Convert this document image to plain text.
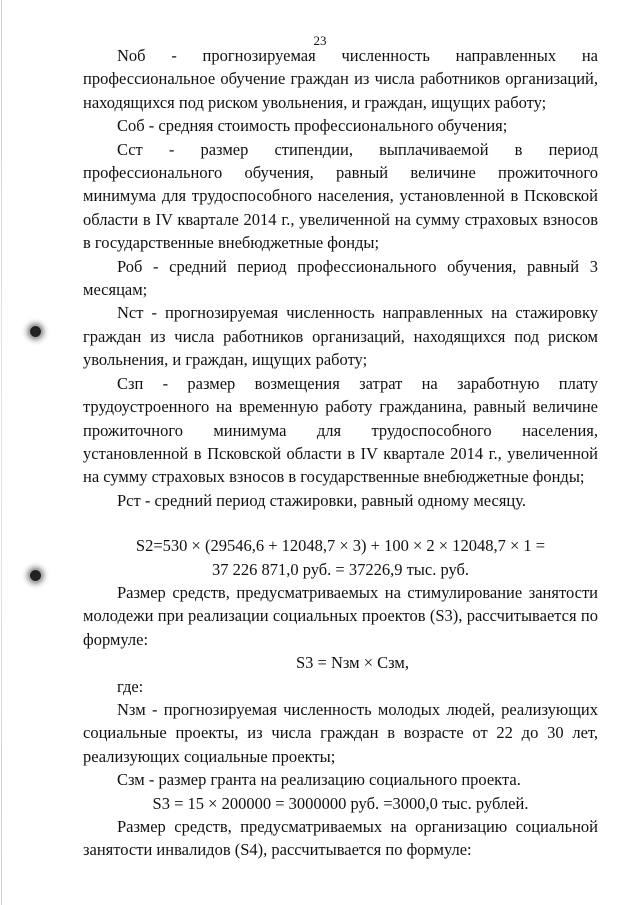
23

Nоб - прогнозируемая численность направленных на профессиональное обучение граждан из числа работников организаций, находящихся под риском увольнения, и граждан, ищущих работу;

Соб - средняя стоимость профессионального обучения;

Сст - размер стипендии, выплачиваемой в период профессионального обучения, равный величине прожиточного минимума для трудоспособного населения, установленной в Псковской области в IV квартале 2014 г., увеличенной на сумму страховых взносов в государственные внебюджетные фонды;

Роб - средний период профессионального обучения, равный 3 месяцам;

Nст - прогнозируемая численность направленных на стажировку граждан из числа работников организаций, находящихся под риском увольнения, и граждан, ищущих работу;

Сзп - размер возмещения затрат на заработную плату трудоустроенного на временную работу гражданина, равный величине прожиточного минимума для трудоспособного населения, установленной в Псковской области в IV квартале 2014 г., увеличенной на сумму страховых взносов в государственные внебюджетные фонды;

Рст - средний период стажировки, равный одному месяцу.

S2=530 × (29546,6 + 12048,7 × 3) + 100 × 2 × 12048,7 × 1 =

37 226 871,0 руб. = 37226,9 тыс. руб.

Размер средств, предусматриваемых на стимулирование занятости молодежи при реализации социальных проектов (S3), рассчитывается по формуле:

S3 = Nзм × Сзм,

где:

Nзм - прогнозируемая численность молодых людей, реализующих социальные проекты, из числа граждан в возрасте от 22 до 30 лет, реализующих социальные проекты;

Сзм - размер гранта на реализацию социального проекта.

S3 = 15 × 200000 = 3000000 руб. =3000,0 тыс. рублей.

Размер средств, предусматриваемых на организацию социальной занятости инвалидов (S4), рассчитывается по формуле:
